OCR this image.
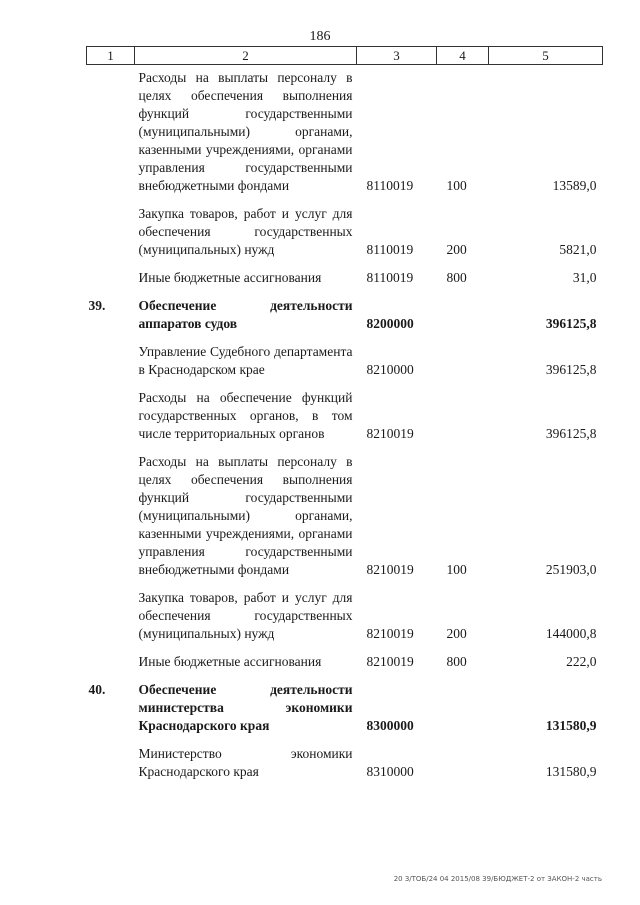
186
1	2	3	4	5
	Расходы на выплаты персоналу в целях обеспечения выполнения функций государственными (муниципальными) органами, казенными учреждениями, органами управления государственными внебюджетными фондами	8110019	100	13589,0
	Закупка товаров, работ и услуг для обеспечения государственных (муниципальных) нужд	8110019	200	5821,0
	Иные бюджетные ассигнования	8110019	800	31,0
39.	Обеспечение деятельности аппаратов судов	8200000		396125,8
	Управление Судебного департамента в Краснодарском крае	8210000		396125,8
	Расходы на обеспечение функций государственных органов, в том числе территориальных органов	8210019		396125,8
	Расходы на выплаты персоналу в целях обеспечения выполнения функций государственными (муниципальными) органами, казенными учреждениями, органами управления государственными внебюджетными фондами	8210019	100	251903,0
	Закупка товаров, работ и услуг для обеспечения государственных (муниципальных) нужд	8210019	200	144000,8
	Иные бюджетные ассигнования	8210019	800	222,0
40.	Обеспечение деятельности министерства экономики Краснодарского края	8300000		131580,9
	Министерство экономики Краснодарского края	8310000		131580,9
20 3/ТОБ/24 04 2015/08 39/БЮДЖЕТ-2 от ЗАКОН-2 часть
